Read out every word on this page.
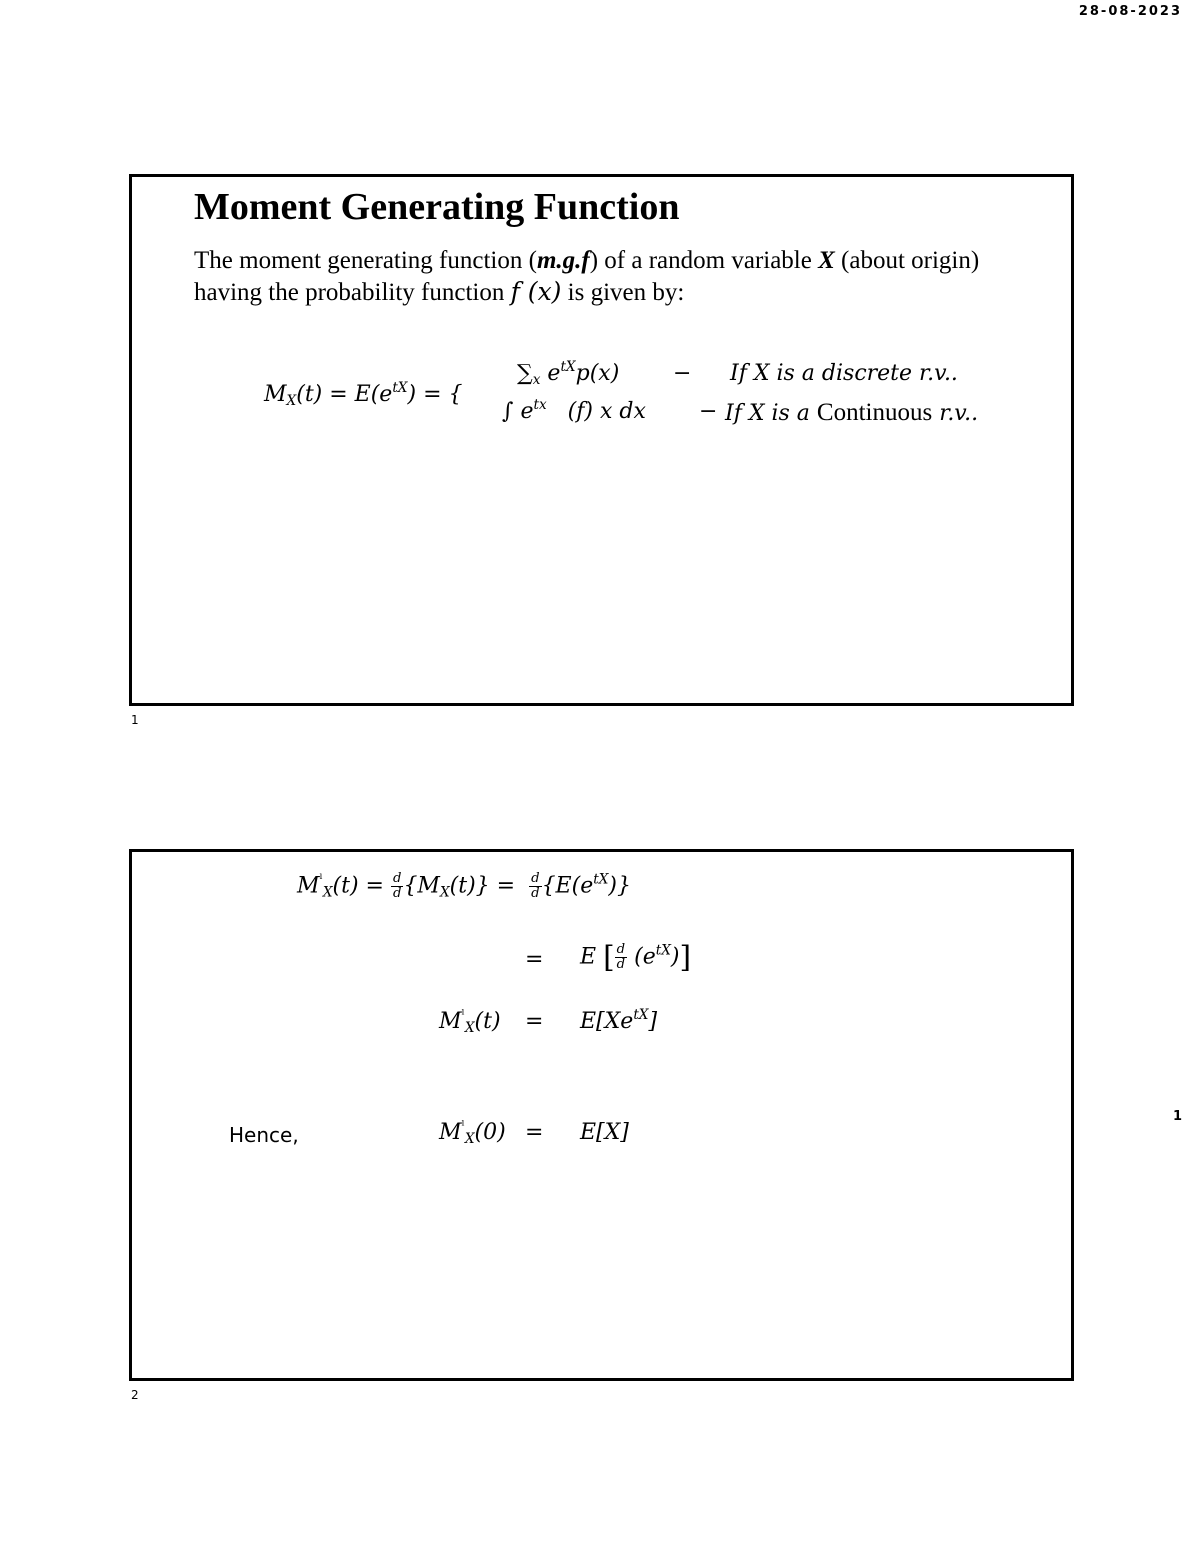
28-08-2023
Moment Generating Function
The moment generating function (m.g.f) of a random variable X (about origin) having the probability function f (x) is given by:
$M_X(t) = E(e^{tX})$ = {
$\sum_x$ $e^{tX}p(x) - If$ X is a discrete r.v..
∫ $e^{tx}$ (f) x dx − If X is a Continuous r.v..
1
$M^ˡ_X(t) = \frac{d}{d} \{M_X(t)\} = \frac{d}{d} \{E(e^{tX})\}$
= E [ $\frac{d}{d} (e^{tX})$]
$M^ˡ_X(t) = E[Xe^{tX}]$
Hence,	$M^ˡ_X(0) = E[X]$
2
1
